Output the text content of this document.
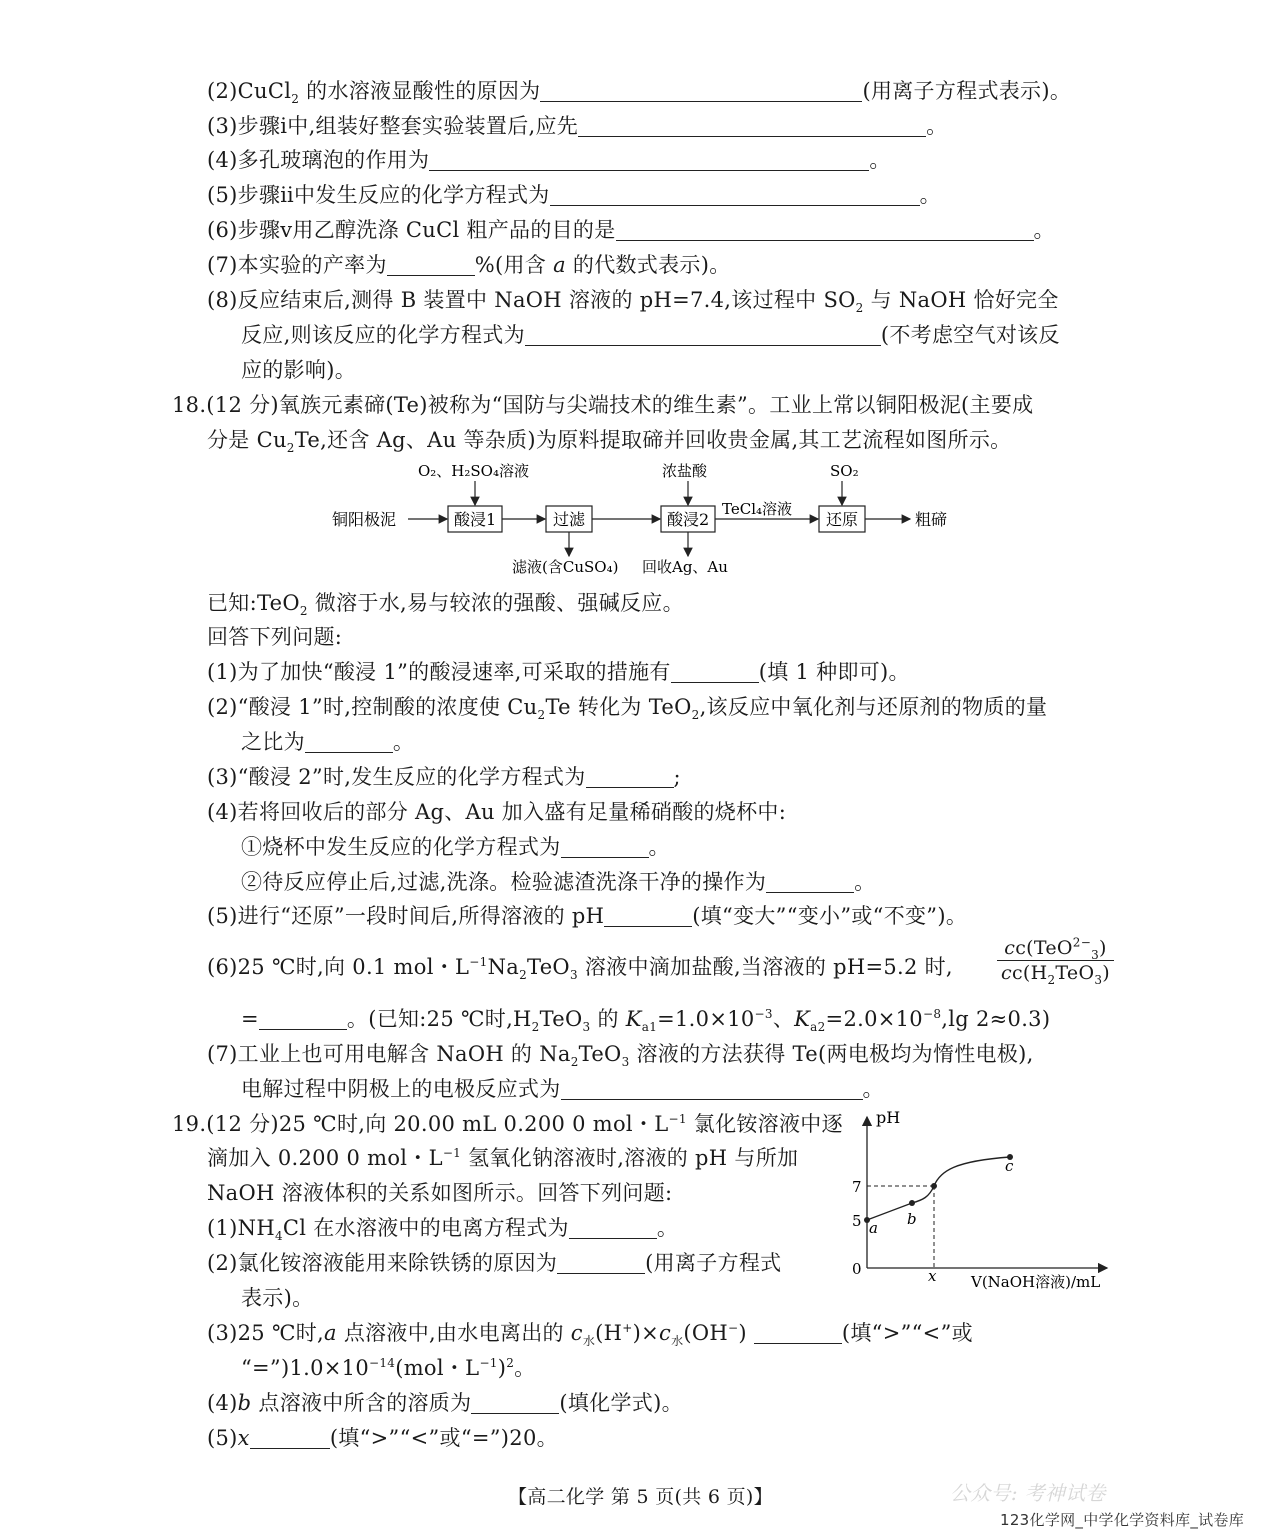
(2)CuCl$_2$ 的水溶液显酸性的原因为	(用离子方程式表示)。
(3)步骤ⅰ中,组装好整套实验装置后,应先	。
(4)多孔玻璃泡的作用为	。
(5)步骤ⅱ中发生反应的化学方程式为	。
(6)步骤ⅴ用乙醇洗涤 CuCl 粗产品的目的是	。
(7)本实验的产率为	%(用含 a 的代数式表示)。
(8)反应结束后,测得 B 装置中 NaOH 溶液的 pH=7.4,该过程中 $SO_2$ 与 NaOH 恰好完全
反应,则该反应的化学方程式为	(不考虑空气对该反
应的影响)。
18.(12 分)氧族元素碲(Te)被称为“国防与尖端技术的维生素”。工业上常以铜阳极泥(主要成
分是 $Cu_2Te$,还含 Ag、Au 等杂质)为原料提取碲并回收贵金属,其工艺流程如图所示。
铜阳极泥	酸浸1
O₂、H₂SO₄溶液
过滤
滤液(含CuSO₄)
酸浸2
浓盐酸
回收Ag、Au
TeCl₄溶液
还原
SO₂
粗碲
已知:TeO$_2$ 微溶于水,易与较浓的强酸、强碱反应。
回答下列问题:
(1)为了加快“酸浸 1”的酸浸速率,可采取的措施有	(填 1 种即可)。
(2)“酸浸 1”时,控制酸的浓度使 $Cu_2Te$ 转化为 TeO$_2$,该反应中氧化剂与还原剂的物质的量
之比为	。
(3)“酸浸 2”时,发生反应的化学方程式为	;
(4)若将回收后的部分 Ag、Au 加入盛有足量稀硝酸的烧杯中:
①烧杯中发生反应的化学方程式为	。
②待反应停止后,过滤,洗涤。检验滤渣洗涤干净的操作为	。
(5)进行“还原”一段时间后,所得溶液的 pH	(填“变大”“变小”或“不变”)。
(6)25 ℃时,向 0.1 mol・$L^{-1}Na_2TeO_3$ 溶液中滴加盐酸,当溶液的 pH=5.2 时, $\frac{cc(TeO^{2-}_3)}{cc(H_2TeO_3)}$
=	。(已知:25 ℃时$,H_2TeO_3$ 的 $K_{a1}=1.0\times 10^{-3}$、$K_{a2}=2.0\times 10^{-8},\lg$ 2≈0.3)
(7)工业上也可用电解含 NaOH 的 $Na_2TeO_3$ 溶液的方法获得 Te(两电极均为惰性电极),
电解过程中阴极上的电极反应式为	。
19.(12 分)25 ℃时,向 20.00 mL 0.200 0 mol・$L^{-1}$ 氯化铵溶液中逐
滴加入 0.200 0 mol・$L^{-1}$ 氢氧化钠溶液时,溶液的 pH 与所加
NaOH 溶液体积的关系如图所示。回答下列问题:
$(1)NH_4Cl$ 在水溶液中的电离方程式为	。
(2)氯化铵溶液能用来除铁锈的原因为	(用离子方程式
表示)。
pH
V(NaOH溶液)/mL
0
7
5
x
a b
c
(3)25 ℃时,a 点溶液中,由水电离出的 $c_水(H^+)\times c_水(OH^-)$	(填“>”“<”或
“$=”)1.0\times 10^{-14}(mol$・$L^{-1})^2$。
(4)b 点溶液中所含的溶质为	(填化学式)。
(5)x	(填“>”“<”或“=”)20。
【高二化学 第 5 页(共 6 页)】	公众号: 考神试卷
123化学网_中学化学资料库_试卷库
